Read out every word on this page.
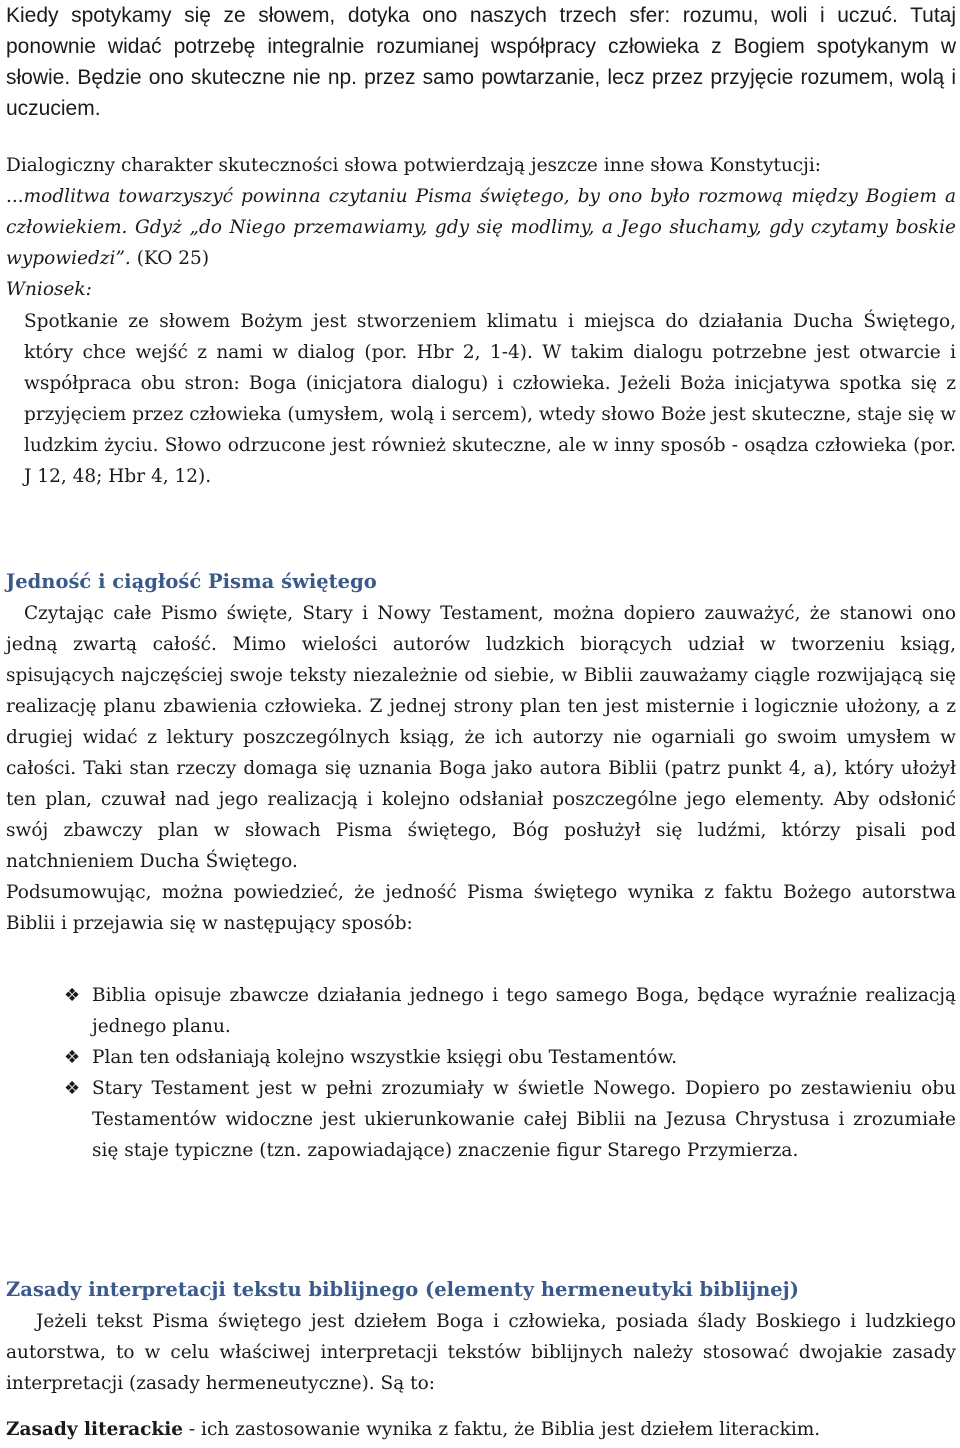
Kiedy spotykamy się ze słowem, dotyka ono naszych trzech sfer: rozumu, woli i uczuć. Tutaj ponownie widać potrzebę integralnie rozumianej współpracy człowieka z Bogiem spotykanym w słowie. Będzie ono skuteczne nie np. przez samo powtarzanie, lecz przez przyjęcie rozumem, wolą i uczuciem.

Dialogiczny charakter skuteczności słowa potwierdzają jeszcze inne słowa Konstytucji:

...modlitwa towarzyszyć powinna czytaniu Pisma świętego, by ono było rozmową między Bogiem a człowiekiem. Gdyż „do Niego przemawiamy, gdy się modlimy, a Jego słuchamy, gdy czytamy boskie wypowiedzi”. (KO 25)

Wniosek:

Spotkanie ze słowem Bożym jest stworzeniem klimatu i miejsca do działania Ducha Świętego, który chce wejść z nami w dialog (por. Hbr 2, 1-4). W takim dialogu potrzebne jest otwarcie i współpraca obu stron: Boga (inicjatora dialogu) i człowieka. Jeżeli Boża inicjatywa spotka się z przyjęciem przez człowieka (umysłem, wolą i sercem), wtedy słowo Boże jest skuteczne, staje się w ludzkim życiu. Słowo odrzucone jest również skuteczne, ale w inny sposób - osądza człowieka (por. J 12, 48; Hbr 4, 12).

Jedność i ciągłość Pisma świętego

Czytając całe Pismo święte, Stary i Nowy Testament, można dopiero zauważyć, że stanowi ono jedną zwartą całość. Mimo wielości autorów ludzkich biorących udział w tworzeniu ksiąg, spisujących najczęściej swoje teksty niezależnie od siebie, w Biblii zauważamy ciągle rozwijającą się realizację planu zbawienia człowieka. Z jednej strony plan ten jest misternie i logicznie ułożony, a z drugiej widać z lektury poszczególnych ksiąg, że ich autorzy nie ogarniali go swoim umysłem w całości. Taki stan rzeczy domaga się uznania Boga jako autora Biblii (patrz punkt 4, a), który ułożył ten plan, czuwał nad jego realizacją i kolejno odsłaniał poszczególne jego elementy. Aby odsłonić swój zbawczy plan w słowach Pisma świętego, Bóg posłużył się ludźmi, którzy pisali pod natchnieniem Ducha Świętego.

Podsumowując, można powiedzieć, że jedność Pisma świętego wynika z faktu Bożego autorstwa Biblii i przejawia się w następujący sposób:

❖ Biblia opisuje zbawcze działania jednego i tego samego Boga, będące wyraźnie realizacją jednego planu.
❖ Plan ten odsłaniają kolejno wszystkie księgi obu Testamentów.
❖ Stary Testament jest w pełni zrozumiały w świetle Nowego. Dopiero po zestawieniu obu Testamentów widoczne jest ukierunkowanie całej Biblii na Jezusa Chrystusa i zrozumiałe się staje typiczne (tzn. zapowiadające) znaczenie figur Starego Przymierza.
Zasady interpretacji tekstu biblijnego (elementy hermeneutyki biblijnej)

Jeżeli tekst Pisma świętego jest dziełem Boga i człowieka, posiada ślady Boskiego i ludzkiego autorstwa, to w celu właściwej interpretacji tekstów biblijnych należy stosować dwojakie zasady interpretacji (zasady hermeneutyczne). Są to:

Zasady literackie - ich zastosowanie wynika z faktu, że Biblia jest dziełem literackim.
